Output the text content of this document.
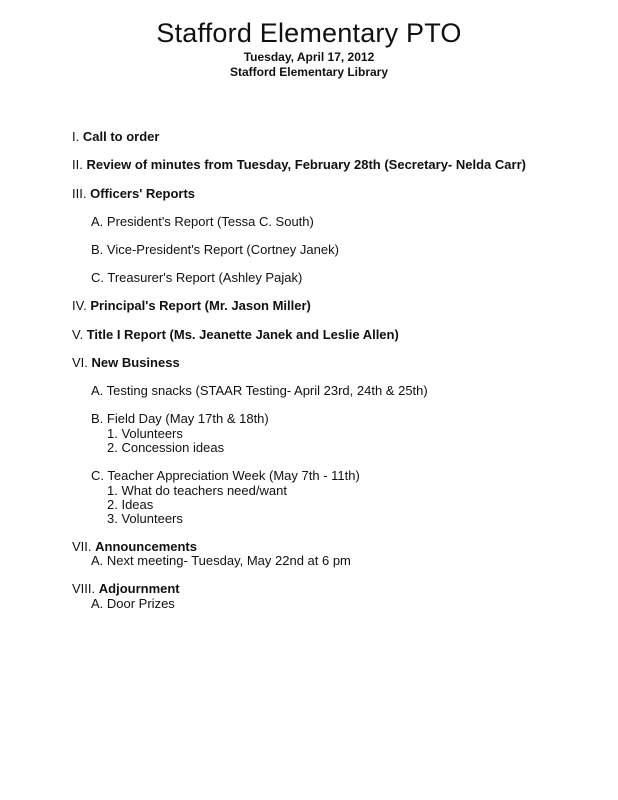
Stafford Elementary PTO
Tuesday, April 17, 2012
Stafford Elementary Library
I. Call to order
II. Review of minutes from Tuesday, February 28th (Secretary- Nelda Carr)
III. Officers' Reports
A. President's Report (Tessa C. South)
B. Vice-President's Report (Cortney Janek)
C. Treasurer's Report (Ashley Pajak)
IV. Principal's Report (Mr. Jason Miller)
V. Title I Report (Ms. Jeanette Janek and Leslie Allen)
VI. New Business
A. Testing snacks (STAAR Testing- April 23rd, 24th & 25th)
B. Field Day (May 17th & 18th)
1. Volunteers
2. Concession ideas
C. Teacher Appreciation Week (May 7th - 11th)
1. What do teachers need/want
2. Ideas
3. Volunteers
VII. Announcements
A. Next meeting- Tuesday, May 22nd at 6 pm
VIII. Adjournment
A. Door Prizes
